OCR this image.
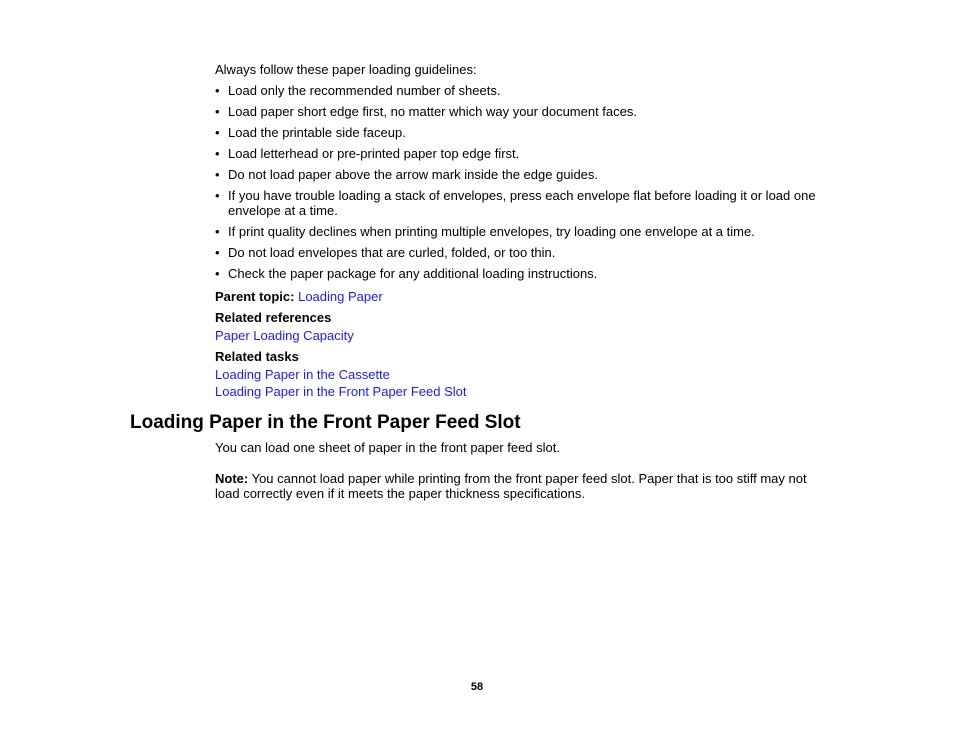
Always follow these paper loading guidelines:

• Load only the recommended number of sheets.
• Load paper short edge first, no matter which way your document faces.
• Load the printable side faceup.
• Load letterhead or pre-printed paper top edge first.
• Do not load paper above the arrow mark inside the edge guides.
• If you have trouble loading a stack of envelopes, press each envelope flat before loading it or load one envelope at a time.
• If print quality declines when printing multiple envelopes, try loading one envelope at a time.
• Do not load envelopes that are curled, folded, or too thin.
• Check the paper package for any additional loading instructions.

Parent topic: Loading Paper

Related references

Paper Loading Capacity

Related tasks

Loading Paper in the Cassette

Loading Paper in the Front Paper Feed Slot

Loading Paper in the Front Paper Feed Slot

You can load one sheet of paper in the front paper feed slot.

Note: You cannot load paper while printing from the front paper feed slot. Paper that is too stiff may not load correctly even if it meets the paper thickness specifications.

58
